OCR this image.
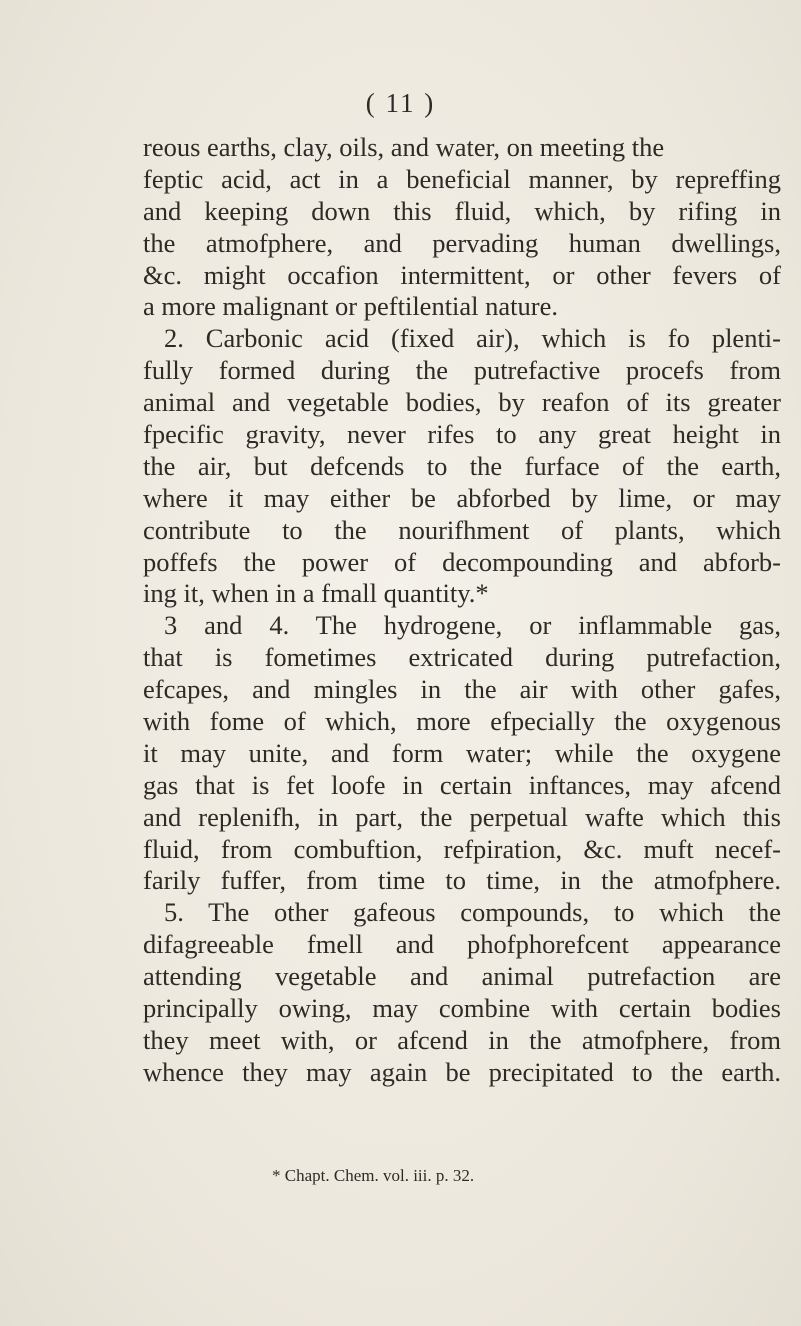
( 11 )
reous earths, clay, oils, and water, on meeting the
feptic acid, act in a beneficial manner, by repreffing
and keeping down this fluid, which, by rifing in
the atmofphere, and pervading human dwellings,
&c. might occafion intermittent, or other fevers of
a more malignant or peftilential nature.
2. Carbonic acid (fixed air), which is fo plenti-
fully formed during the putrefactive procefs from
animal and vegetable bodies, by reafon of its greater
fpecific gravity, never rifes to any great height in
the air, but defcends to the furface of the earth,
where it may either be abforbed by lime, or may
contribute to the nourifhment of plants, which
poffefs the power of decompounding and abforb-
ing it, when in a fmall quantity.*
3 and 4. The hydrogene, or inflammable gas,
that is fometimes extricated during putrefaction,
efcapes, and mingles in the air with other gafes,
with fome of which, more efpecially the oxygenous
it may unite, and form water; while the oxygene
gas that is fet loofe in certain inftances, may afcend
and replenifh, in part, the perpetual wafte which this
fluid, from combuftion, refpiration, &c. muft necef-
farily fuffer, from time to time, in the atmofphere.
5. The other gafeous compounds, to which the
difagreeable fmell and phofphorefcent appearance
attending vegetable and animal putrefaction are
principally owing, may combine with certain bodies
they meet with, or afcend in the atmofphere, from
whence they may again be precipitated to the earth.
* Chapt. Chem. vol. iii. p. 32.
